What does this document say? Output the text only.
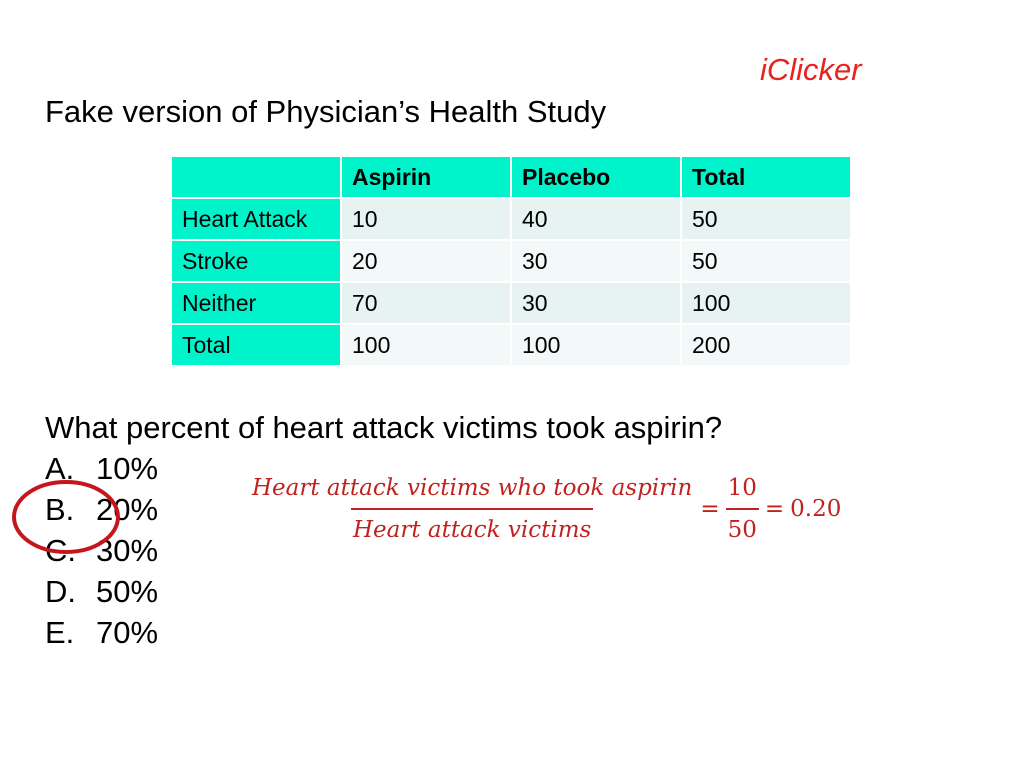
iClicker
Fake version of Physician’s Health Study
	Aspirin	Placebo	Total
Heart Attack	10	40	50
Stroke	20	30	50
Neither	70	30	100
Total	100	100	200
What percent of heart attack victims took aspirin?
A. 10%
B. 20%
C. 30%
D. 50%
E. 70%
$\frac{\text{Heart attack victims who took aspirin}}{\text{Heart attack victims}} = \frac{10}{50} = 0.20$
